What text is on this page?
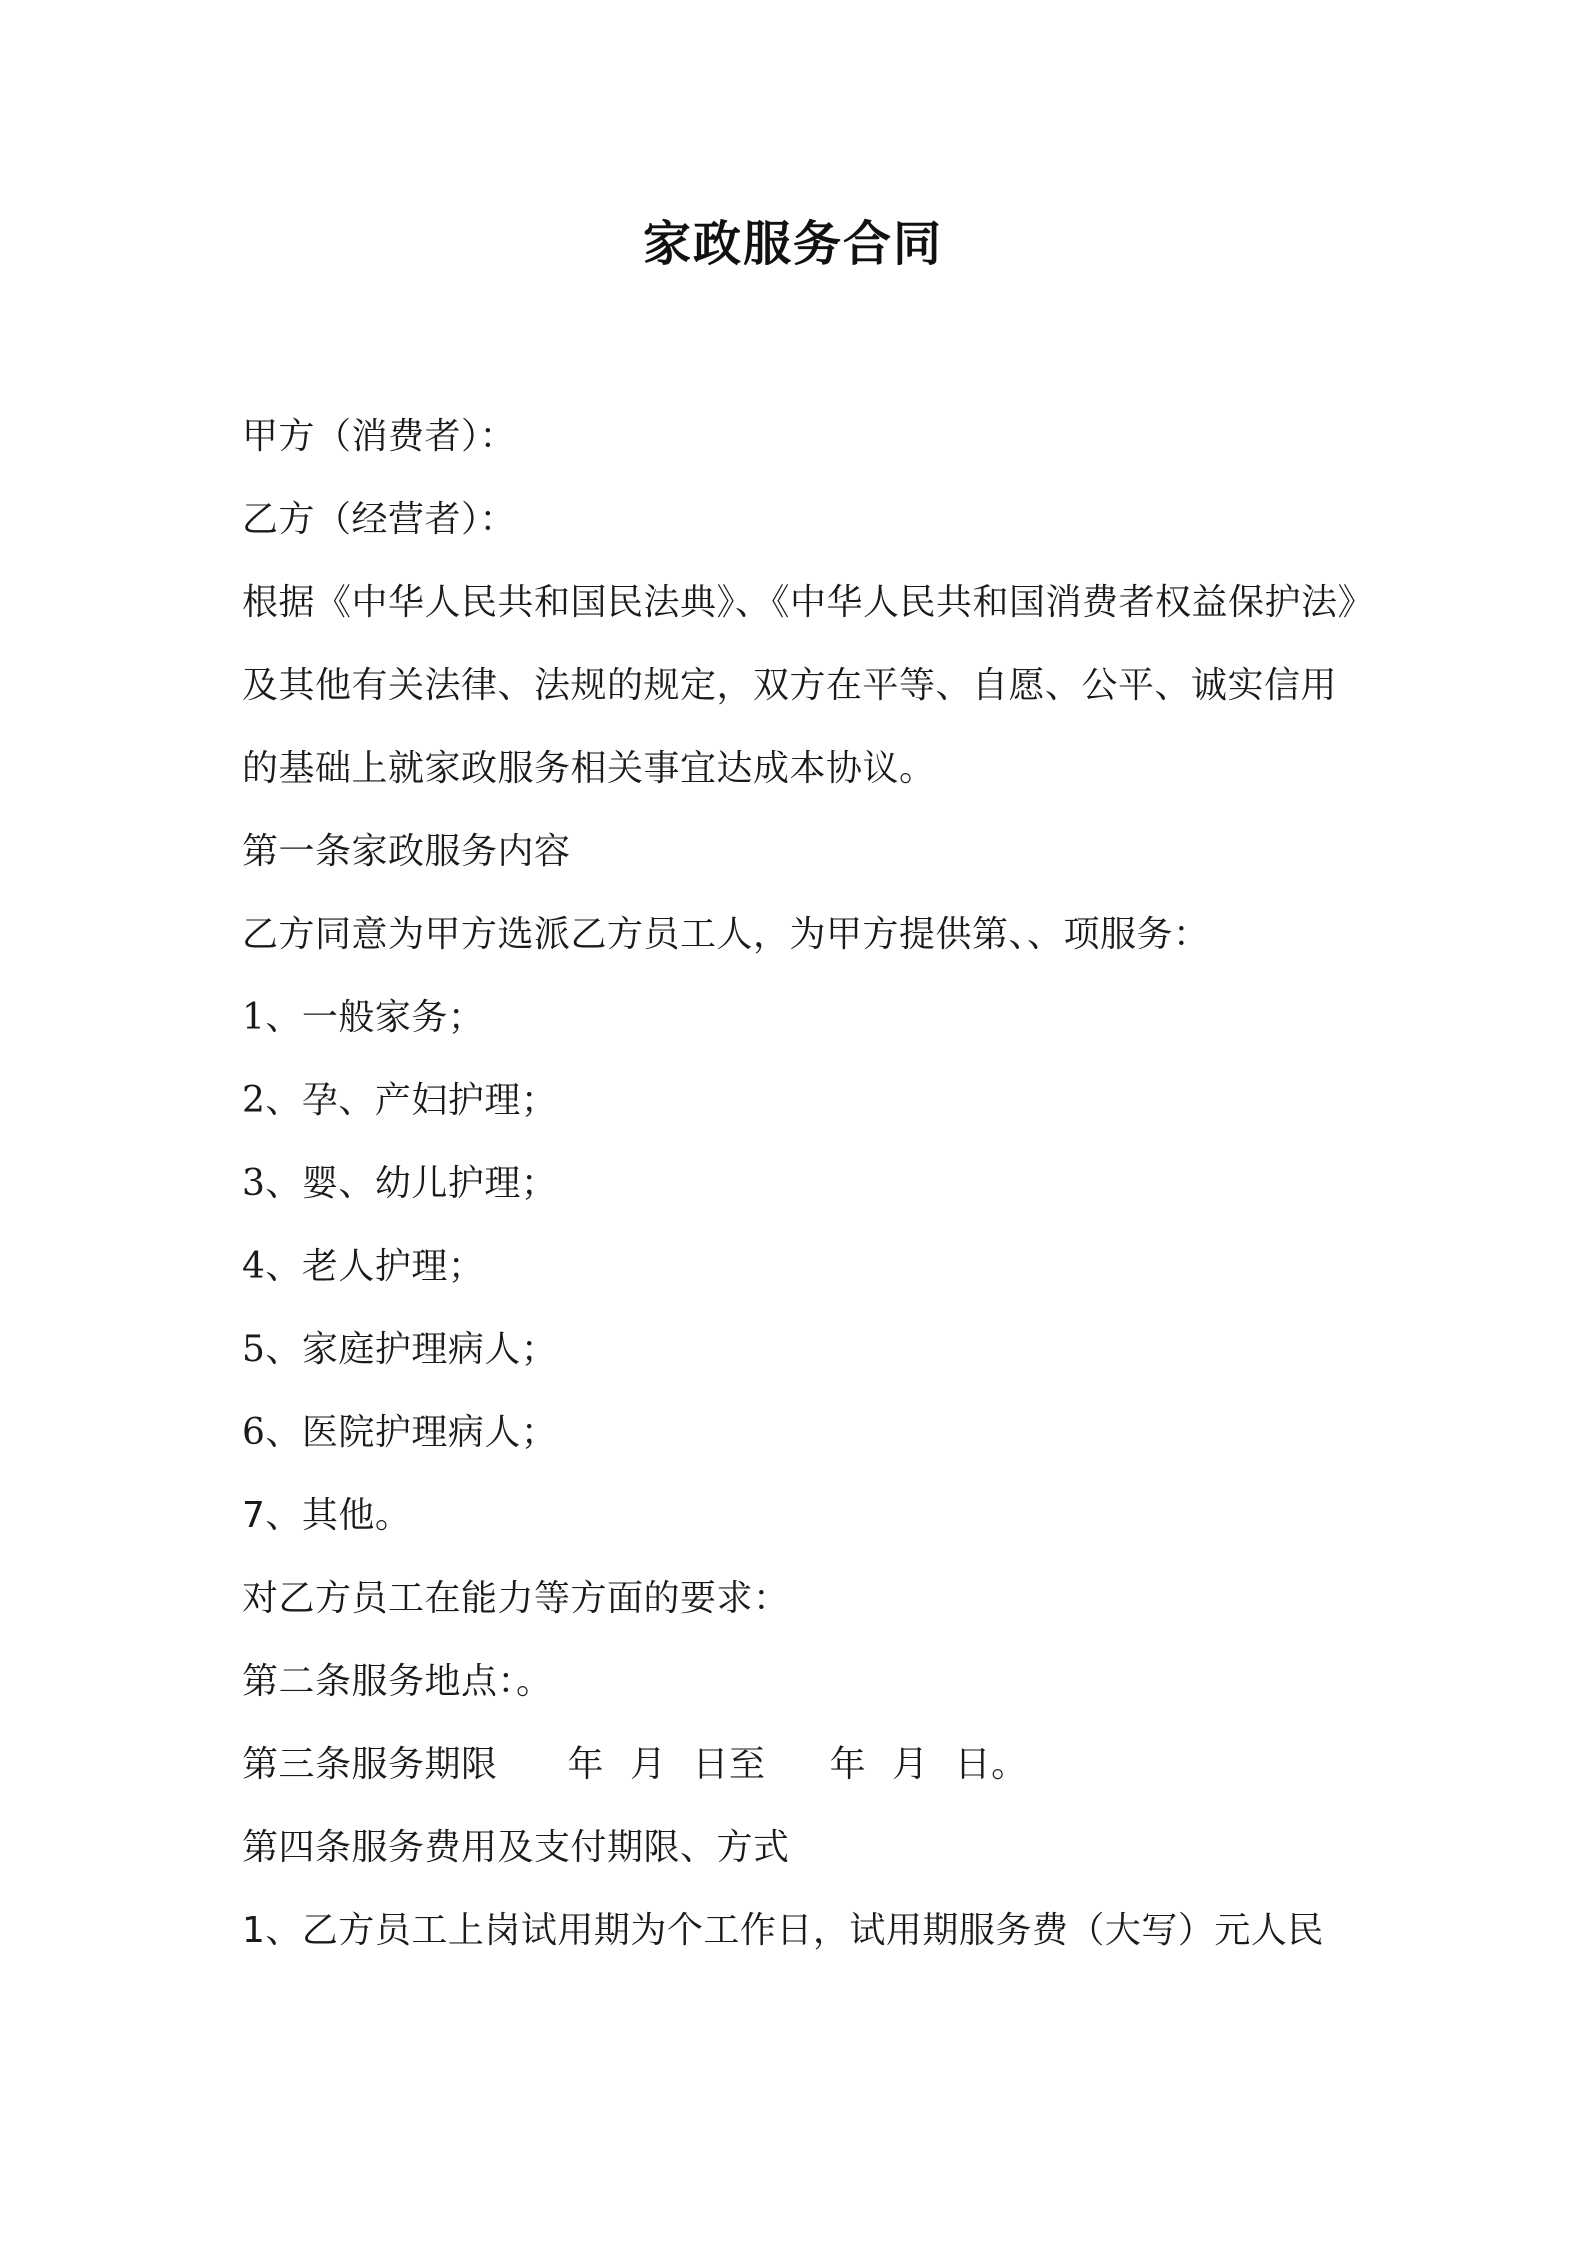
家政服务合同
甲方（消费者）：
乙方（经营者）：
根据《中华人民共和国民法典》、《中华人民共和国消费者权益保护法》
及其他有关法律、法规的规定，双方在平等、自愿、公平、诚实信用
的基础上就家政服务相关事宜达成本协议。
第一条家政服务内容
乙方同意为甲方选派乙方员工人，为甲方提供第、、项服务：
1、一般家务；
2、孕、产妇护理；
3、婴、幼儿护理；
4、老人护理；
5、家庭护理病人；
6、医院护理病人；
7、其他。
对乙方员工在能力等方面的要求：
第二条服务地点：。
第三条服务期限 年 月 日至 年 月 日。
第四条服务费用及支付期限、方式
1、乙方员工上岗试用期为个工作日，试用期服务费（大写）元人民
